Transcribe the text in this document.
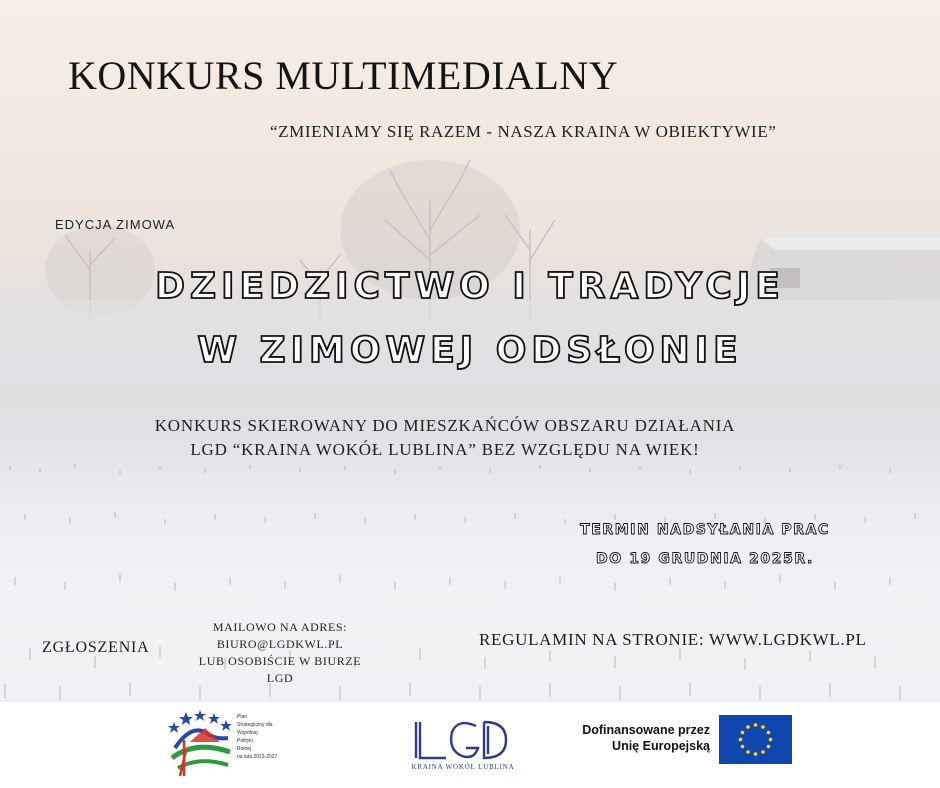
KONKURS MULTIMEDIALNY
“ZMIENIAMY SIĘ RAZEM - NASZA KRAINA W OBIEKTYWIE”
EDYCJA ZIMOWA
DZIEDZICTWO I TRADYCJE
W ZIMOWEJ ODSŁONIE
KONKURS SKIEROWANY DO MIESZKAŃCÓW OBSZARU DZIAŁANIA
LGD “KRAINA WOKÓŁ LUBLINA” BEZ WZGLĘDU NA WIEK!
TERMIN NADSYŁANIA PRAC
DO 19 GRUDNIA 2025R.
ZGŁOSZENIA
MAILOWO NA ADRES:
BIURO@LGDKWL.PL
LUB OSOBIŚCIE W BIURZE
LGD
REGULAMIN NA STRONIE: WWW.LGDKWL.PL
Plan
Strategiczny dla
Wspólnej
Polityki
Rolnej
na lata 2023-2027
KRAINA WOKÓŁ LUBLINA
Dofinansowane przez
Unię Europejską
